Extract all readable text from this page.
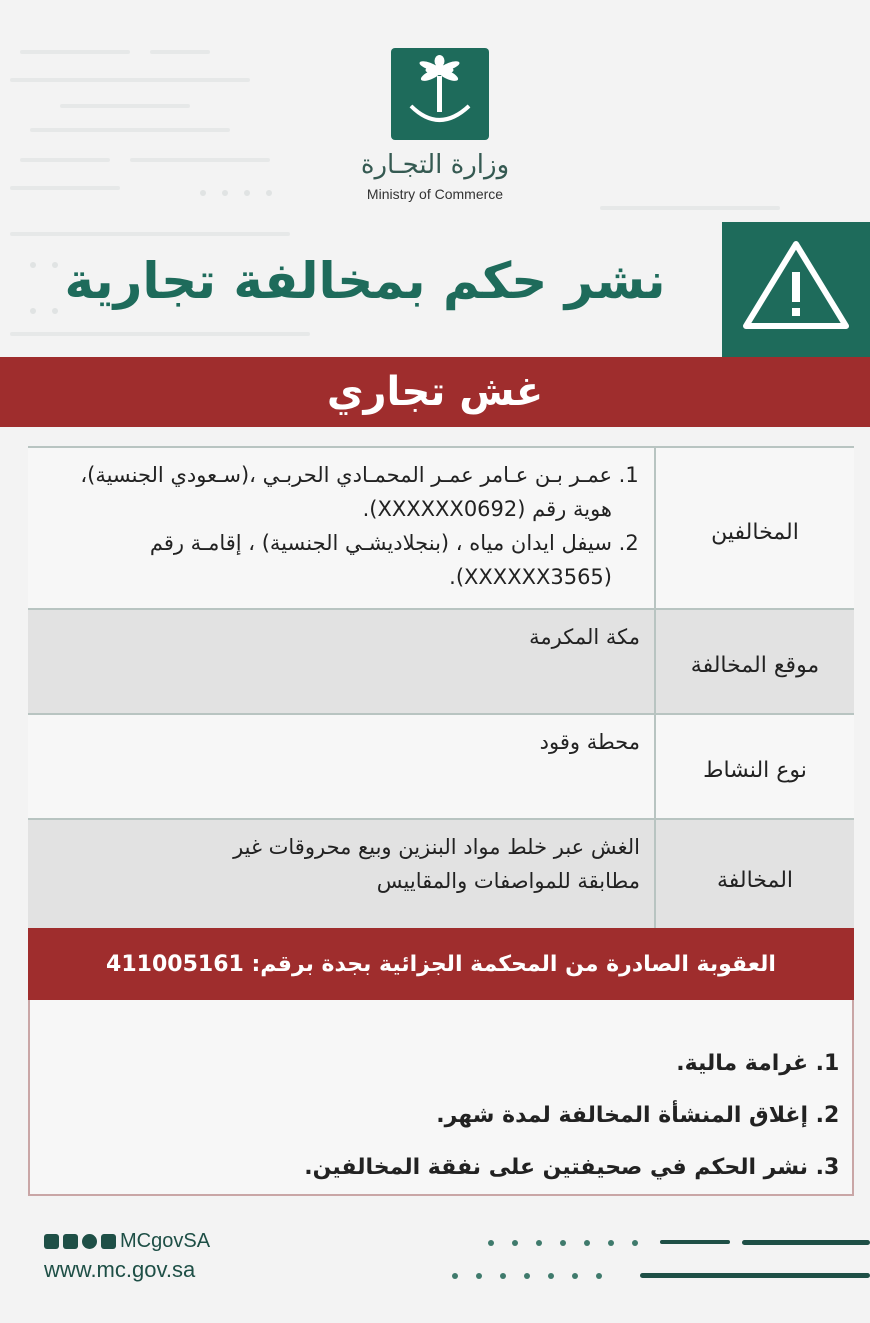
وزارة التجـارة
Ministry of Commerce
نشر حكم بمخالفة تجارية
غش تجاري
المخالفين
1. عمـر بـن عـامر عمـر المحمـادي الحربـي ،(سـعودي الجنسية)، هوية رقم (XXXXXX0692).
2. سيفل ايدان مياه ، (بنجلاديشـي الجنسية) ، إقامـة رقم (XXXXXX3565).
موقع المخالفة
مكة المكرمة
نوع النشاط
محطة وقود
المخالفة
الغش عبر خلط مواد البنزين وبيع محروقات غير مطابقة للمواصفات والمقاييس
العقوبة الصادرة من المحكمة الجزائية بجدة برقم: 411005161
1. غرامة مالية.
2. إغلاق المنشأة المخالفة لمدة شهر.
3. نشر الحكم في صحيفتين على نفقة المخالفين.
MCgovSA
www.mc.gov.sa
